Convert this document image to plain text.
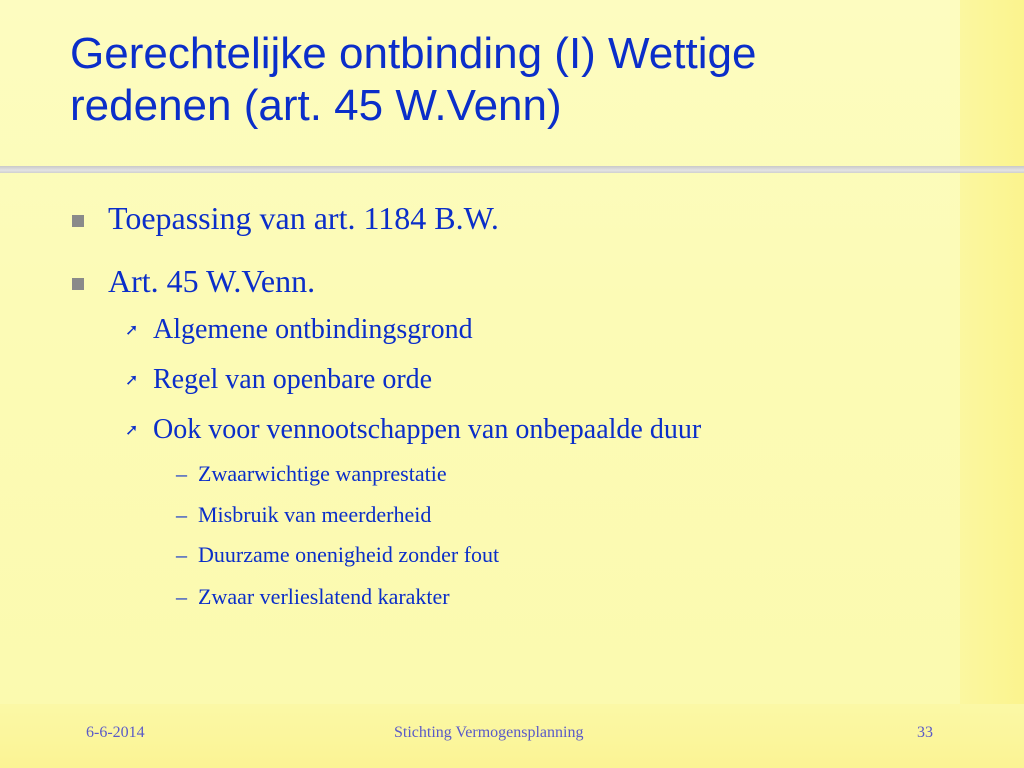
Gerechtelijke ontbinding (I) Wettige redenen (art. 45 W.Venn)
Toepassing van art. 1184 B.W.
Art. 45 W.Venn.
➚ Algemene ontbindingsgrond
➚ Regel van openbare orde
➚ Ook voor vennootschappen van onbepaalde duur
– Zwaarwichtige wanprestatie
– Misbruik van meerderheid
– Duurzame onenigheid zonder fout
– Zwaar verlieslatend karakter
6-6-2014	Stichting Vermogensplanning	33
